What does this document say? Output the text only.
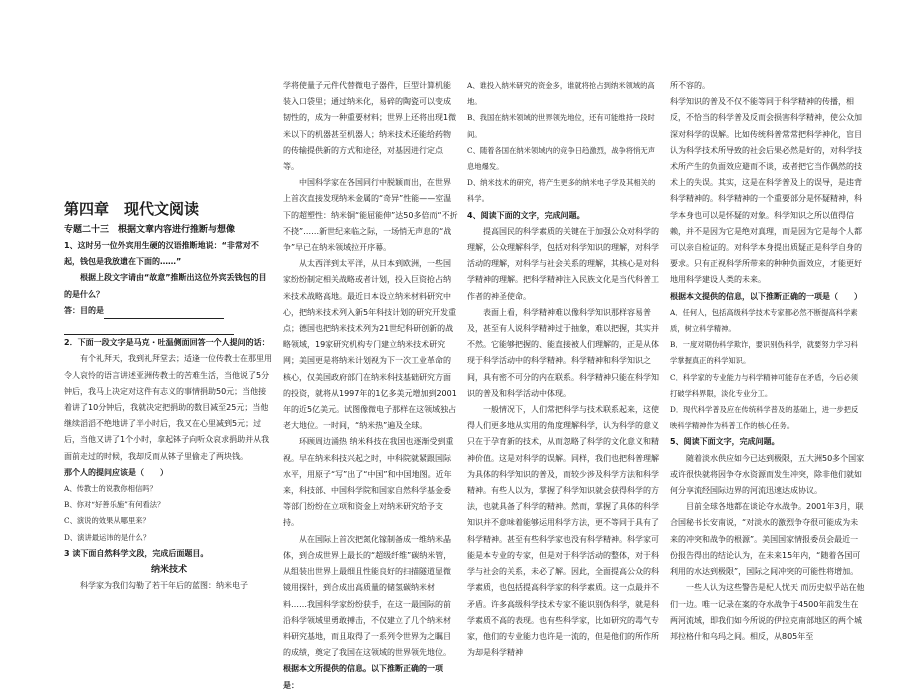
第四章　现代文阅读

专题二十三　根据文章内容进行推断与想像

1、这时另一位外宾用生硬的汉语推断地说：“非常对不起，钱包是我放遗在下面的……”

根据上段文字请由“故意”推断出这位外宾丢钱包的目的是什么？

答：目的是

2．下面一段文字是马克・吐温侧面回答一个人提问的话：

有个礼拜天，我到礼拜堂去；适逢一位传教士在那里用令人哀怜的语言讲述亚洲传教士的苦难生活，当他说了5分钟后，我马上决定对这件有志义的事情捐助50元；当他接着讲了10分钟后，我就决定把捐助的数目减至25元；当他继续滔滔不绝地讲了半小时后，我又在心里减到5元；过后，当他又讲了1个小时，拿起钵子向听众哀求捐助并从我面前走过的时候，我却反而从钵子里偷走了两块钱。

那个人的提问应该是（　　）

A、传教士的说教你相信吗？

B、你对“好善乐施”有何看法？

C、演说的效果从哪里来？

D、演讲最运讳的是什么？

3 读下面自然科学文段，完成后面题目。

纳米技术

科学家为我们勾勒了若干年后的蓝图：纳米电子

学将使量子元件代替微电子器件，巨型计算机能装入口袋里；通过纳米化，易碎的陶瓷可以变成韧性的，成为一种重要材料；世界上还将出现1微米以下的机器甚至机器人；纳米技术还能给药物的传输提供新的方式和途径，对基因进行定点等。

中国科学家在各国同行中脱颖而出，在世界上首次直接发现纳米金属的“奇异”性能——室温下的超塑性：纳米铜“能屈能伸”达50多倍而“不折不挠”……新世纪来临之际，一场悄无声息的“战争”早已在纳米领域拉开序幕。

从太西洋到太平洋，从日本到欧洲，一些国家纷纷制定相关战略或者计划，投入巨资抢占纳米技术战略高地。最近日本设立纳米材料研究中心，把纳米技术列入新5年科技计划的研究开发重点；德国也把纳米技术列为21世纪科研创新的战略领域，19家研究机构专门建立纳米技术研究网；美国更是将纳米计划视为下一次工业革命的核心，仅美国政府部门在纳米科技基础研究方面的投资，就将从1997年的1亿多美元增加到2001年的近5亿美元。试图像微电子那样在这领域独占老大地位。一时间，“纳米热”遍及全球。

环顾周边涌热 纳米科技在我国也逐渐受到重视。早在纳米科技兴起之时，中科院就紧跟国际水平，用原子“写”出了“中国”和中国地图。近年来，科技部、中国科学院和国家自然科学基金委等部门纷纷在立项和资金上对纳米研究给予支持。

从在国际上首次把氮化镓制备成一维纳米晶体，到合成世界上最长的“超级纤维”碳纳米管，从组装出世界上最细且性能良好的扫描隧道显微镜用探针，到合成出高质量的储氢碳纳米材料……我国科学家纷纷获手，在这一最国际的前沿科学领域里勇敢搏击，不仅建立了几个纳米材料研究基地，而且取得了一系列令世界为之瞩目的成绩，奠定了我国在这领域的世界领先地位。

根据本文所提供的信息。以下推断正确的一项是：

A、谁投入纳米研究的资金多，谁就将抢占到纳米领域的高地。

B、我国在纳米领域的世界领先地位，还有可能维持一段时间。

C、随着各国在纳米领域内的竞争日趋激烈，战争将悄无声息地爆发。

D、纳米技术的研究，将产生更多的纳米电子学及其相关的科学。

4、阅读下面的文字，完成问题。

提高国民的科学素质的关键在于加强公众对科学的理解，公众理解科学，包括对科学知识的理解，对科学活动的理解，对科学与社会关系的理解，其核心是对科学精神的理解。把科学精神注入民族文化是当代科普工作者的神圣使命。

表面上看，科学精神难以像科学知识那样容易普及，甚至有人说科学精神过于抽象，难以把握，其实并不然。它能够把握的、能直接被人们理解的，正是从体现于科学活动中的科学精神。科学精神和科学知识之间，具有密不可分的内在联系。科学精神只能在科学知识的普及和科学活动中体现。

一般情况下，人们常把科学与技术联系起来，这使得人们更多地从实用的角度理解科学，认为科学的意义只在于孕育新的技术，从而忽略了科学的文化意义和精神价值。这是对科学的误解。同样，我们也把科普理解为具体的科学知识的普及，而较少涉及科学方法和科学精神。有些人以为，掌握了科学知识就会获得科学的方法，也就具备了科学的精神。然而，掌握了具体的科学知识并不意味着能够运用科学方法，更不等同于具有了科学精神。甚至有些科学家也没有科学精神。科学家可能是本专业的专家，但是对于科学活动的整体，对于科学与社会的关系，未必了解。因此，全面提高公众的科学素质，也包括提高科学家的科学素质。这一点最并不矛盾。许多高级科学技术专家不能识别伪科学，就是科学素质不高的表现。也有些科学家，比如研究的毒气专家，他们的专业能力也许是一流的，但是他们的所作所为却是科学精神

所不容的。

科学知识的普及不仅不能等同于科学精神的传播，相反，不恰当的科学普及反而会损害科学精神，使公众加深对科学的误解。比如传统科普常常把科学神化，盲目认为科学技术所导致的社会后果必然是好的，对科学技术所产生的负面效应避而不谈，或者把它当作偶然的技术上的失误。其实，这是在科学普及上的误导，是违背科学精神的。科学精神的一个重要部分是怀疑精神，科学本身也可以是怀疑的对象。科学知识之所以值得信赖，并不是因为它是绝对真理，而是因为它是每个人都可以亲自检证的。对科学本身提出质疑正是科学自身的要求。只有正视科学所带来的种种负面效应，才能更好地用科学建设人类的未来。

根据本文提供的信息，以下推断正确的一项是（　　）

A．任何人，包括高级科学技术专家都必然不断提高科学素质，树立科学精神。

B．一度对期伪科学欺诈，要识别伪科学，就要努力学习科学掌握真正的科学知识。

C．科学家的专业能力与科学精神可能存在矛盾，今后必须打破学科界限，淡化专业分工。

D．现代科学普及应在传统科学普及的基础上，进一步把反映科学精神作为科普工作的核心任务。

5、阅读下面文字，完成问题。

随着淡水供应如今已达到极限，五大洲50多个国家或许很快就将因争夺水资源而发生冲突，除非他们就如何分享流经国际边界的河流迅速达成协议。

目前全球各地都在谈论夺水战争。2001年3月，联合国秘书长安南说，“对淡水的激烈争夺很可能成为未来的冲突和战争的根源”。美国国家情报委员会最近一份报告得出的结论认为，在未来15年内，“随着各国可利用的水达到极限”，国际之间冲突的可能性将增加。

一些人认为这些警告是杞人忧天 而历史似乎站在他们一边。唯一记录在案的夺水战争于4500年前发生在两河流域，即我们如今所说的伊拉克南部地区的两个城邦拉格什和乌玛之间。相反，从805年至
